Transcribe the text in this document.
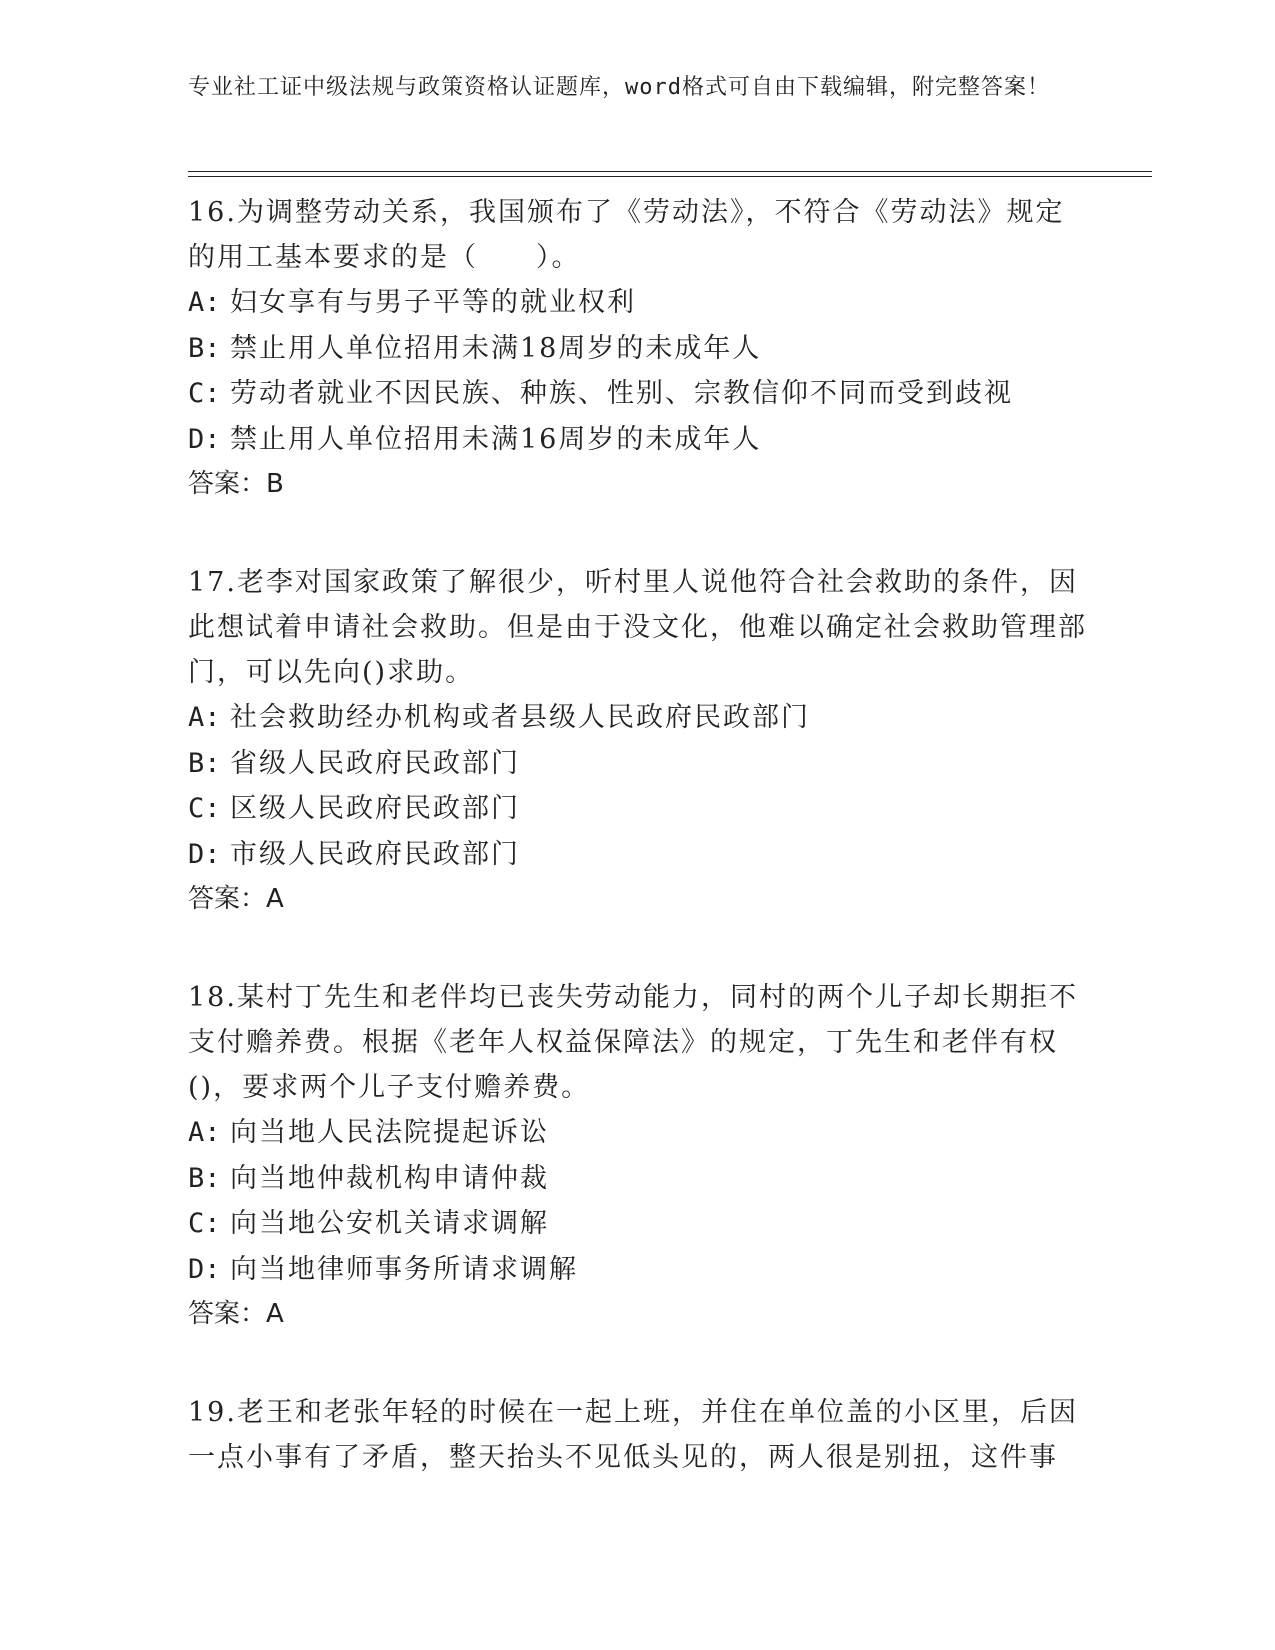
专业社工证中级法规与政策资格认证题库，word格式可自由下载编辑，附完整答案！

16.为调整劳动关系，我国颁布了《劳动法》，不符合《劳动法》规定的用工基本要求的是（　　）。

A: 妇女享有与男子平等的就业权利

B: 禁止用人单位招用未满18周岁的未成年人

C: 劳动者就业不因民族、种族、性别、宗教信仰不同而受到歧视

D: 禁止用人单位招用未满16周岁的未成年人

答案：B

17.老李对国家政策了解很少，听村里人说他符合社会救助的条件，因此想试着申请社会救助。但是由于没文化，他难以确定社会救助管理部门，可以先向()求助。

A: 社会救助经办机构或者县级人民政府民政部门

B: 省级人民政府民政部门

C: 区级人民政府民政部门

D: 市级人民政府民政部门

答案：A

18.某村丁先生和老伴均已丧失劳动能力，同村的两个儿子却长期拒不支付赡养费。根据《老年人权益保障法》的规定，丁先生和老伴有权()，要求两个儿子支付赡养费。

A: 向当地人民法院提起诉讼

B: 向当地仲裁机构申请仲裁

C: 向当地公安机关请求调解

D: 向当地律师事务所请求调解

答案：A

19.老王和老张年轻的时候在一起上班，并住在单位盖的小区里，后因一点小事有了矛盾，整天抬头不见低头见的，两人很是别扭，这件事
